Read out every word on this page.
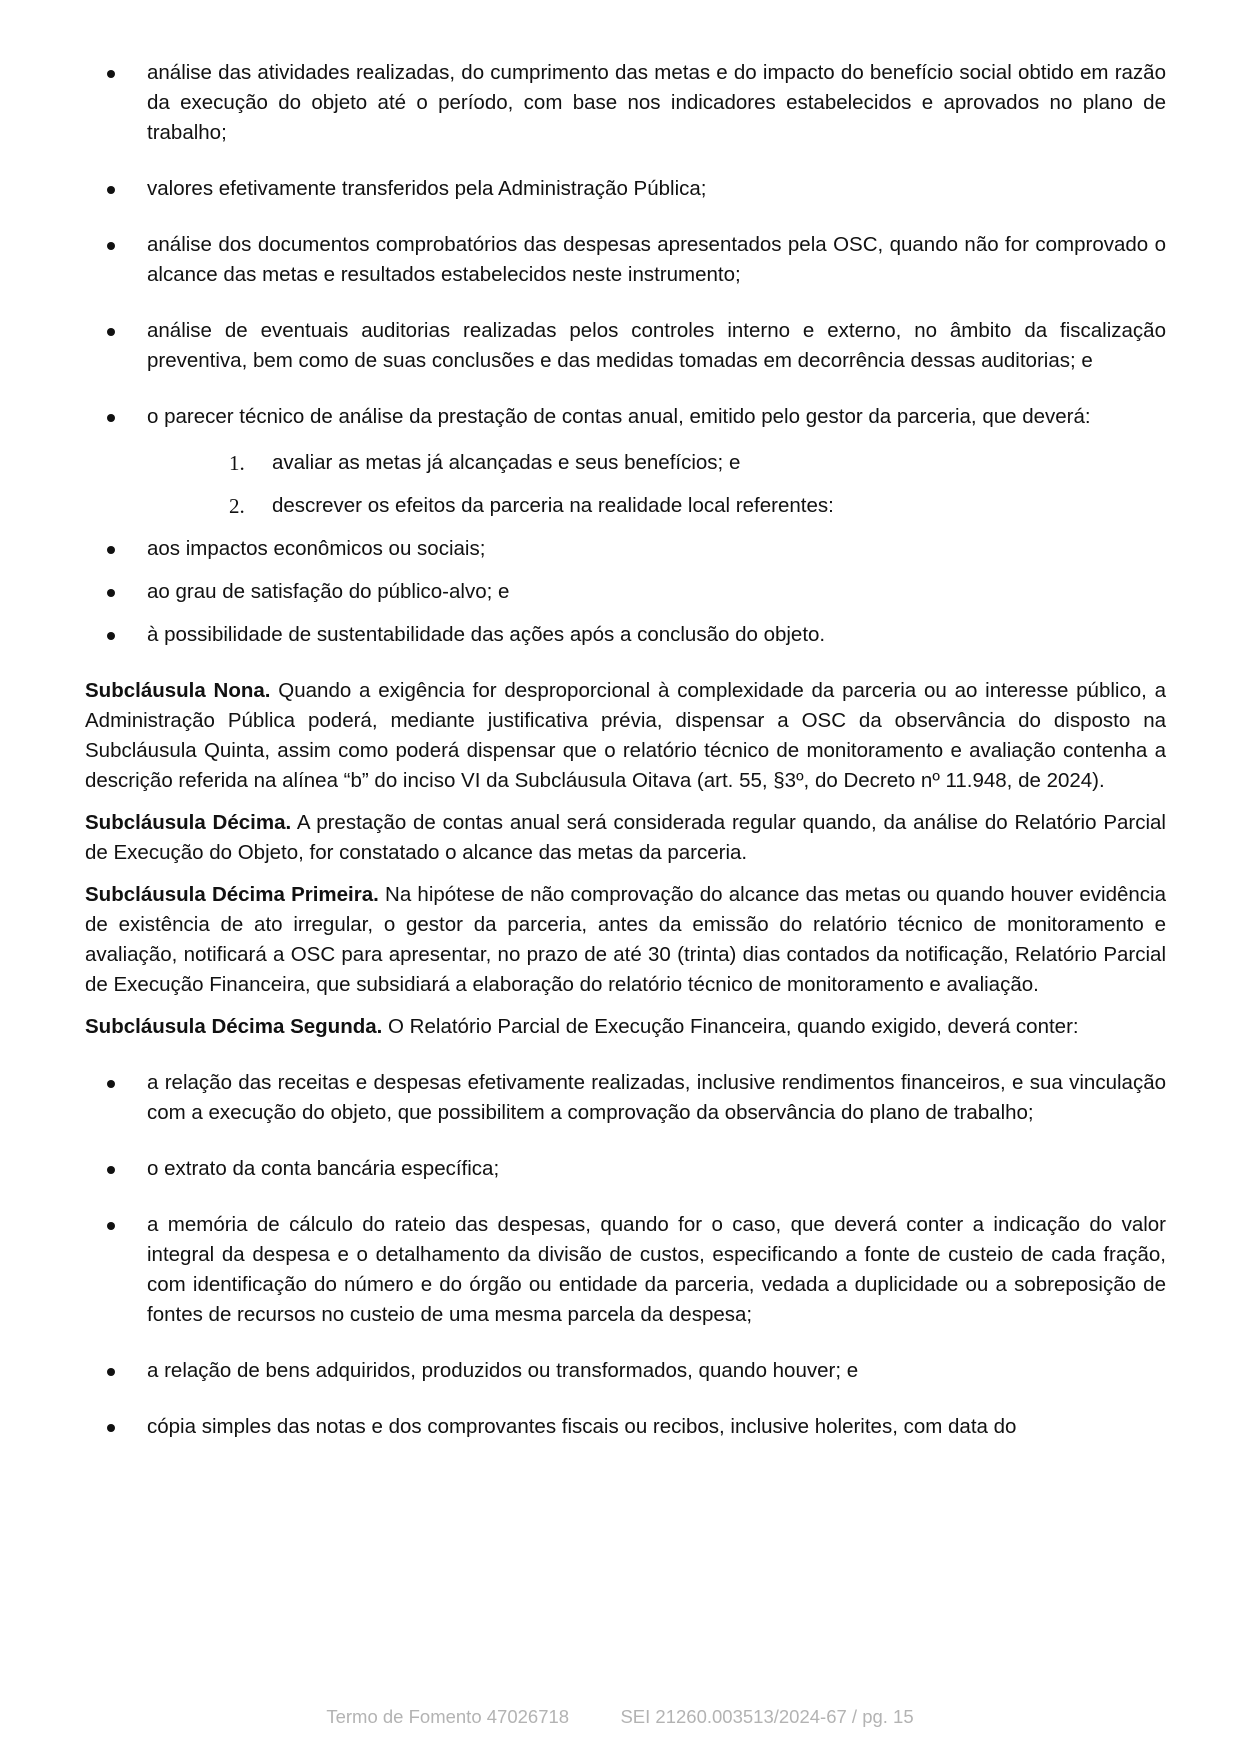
análise das atividades realizadas, do cumprimento das metas e do impacto do benefício social obtido em razão da execução do objeto até o período, com base nos indicadores estabelecidos e aprovados no plano de trabalho;
valores efetivamente transferidos pela Administração Pública;
análise dos documentos comprobatórios das despesas apresentados pela OSC, quando não for comprovado o alcance das metas e resultados estabelecidos neste instrumento;
análise de eventuais auditorias realizadas pelos controles interno e externo, no âmbito da fiscalização preventiva, bem como de suas conclusões e das medidas tomadas em decorrência dessas auditorias; e
o parecer técnico de análise da prestação de contas anual, emitido pelo gestor da parceria, que deverá:
1. avaliar as metas já alcançadas e seus benefícios; e
2. descrever os efeitos da parceria na realidade local referentes:
aos impactos econômicos ou sociais;
ao grau de satisfação do público-alvo; e
à possibilidade de sustentabilidade das ações após a conclusão do objeto.

Subcláusula Nona. Quando a exigência for desproporcional à complexidade da parceria ou ao interesse público, a Administração Pública poderá, mediante justificativa prévia, dispensar a OSC da observância do disposto na Subcláusula Quinta, assim como poderá dispensar que o relatório técnico de monitoramento e avaliação contenha a descrição referida na alínea “b” do inciso VI da Subcláusula Oitava (art. 55, §3º, do Decreto nº 11.948, de 2024).

Subcláusula Décima. A prestação de contas anual será considerada regular quando, da análise do Relatório Parcial de Execução do Objeto, for constatado o alcance das metas da parceria.

Subcláusula Décima Primeira. Na hipótese de não comprovação do alcance das metas ou quando houver evidência de existência de ato irregular, o gestor da parceria, antes da emissão do relatório técnico de monitoramento e avaliação, notificará a OSC para apresentar, no prazo de até 30 (trinta) dias contados da notificação, Relatório Parcial de Execução Financeira, que subsidiará a elaboração do relatório técnico de monitoramento e avaliação.

Subcláusula Décima Segunda. O Relatório Parcial de Execução Financeira, quando exigido, deverá conter:

a relação das receitas e despesas efetivamente realizadas, inclusive rendimentos financeiros, e sua vinculação com a execução do objeto, que possibilitem a comprovação da observância do plano de trabalho;
o extrato da conta bancária específica;
a memória de cálculo do rateio das despesas, quando for o caso, que deverá conter a indicação do valor integral da despesa e o detalhamento da divisão de custos, especificando a fonte de custeio de cada fração, com identificação do número e do órgão ou entidade da parceria, vedada a duplicidade ou a sobreposição de fontes de recursos no custeio de uma mesma parcela da despesa;
a relação de bens adquiridos, produzidos ou transformados, quando houver; e
cópia simples das notas e dos comprovantes fiscais ou recibos, inclusive holerites, com data do
Termo de Fomento 47026718	SEI 21260.003513/2024-67 / pg. 15
